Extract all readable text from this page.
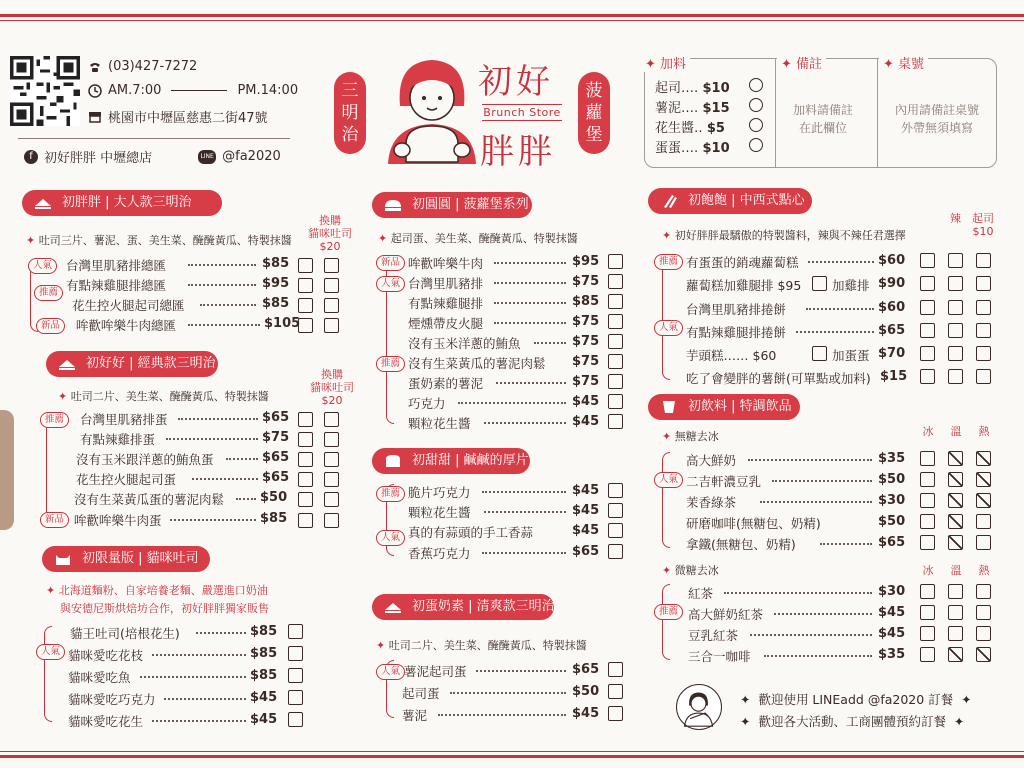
(03)427-7272
AM.7:00	PM.14:00
桃園市中壢區慈惠二街47號
f 初好胖胖 中壢總店	LINE @fa2020
三
明
治
初好
Brunch Store
胖胖
菠
蘿
堡
✦ 加料
起司‥‥ $10
薯泥‥‥ $15
花生醬‥ $5
蛋蛋‥‥ $10
✦ 備註
加料請備註
在此欄位
✦ 桌號
內用請備註桌號
外帶無須填寫
初胖胖 | 大人款三明治
✦ 吐司三片、薯泥、蛋、美生菜、醃醃黃瓜、特製抹醬
換購
貓咪吐司
$20
人氣
推薦
新品
台灣里肌豬排總匯	$85
有點辣雞腿排總匯	$95
花生控火腿起司總匯	$85
哞歡哞樂牛肉總匯	$105
初好好 | 經典款三明治
✦ 吐司二片、美生菜、醃醃黃瓜、特製抹醬
換購
貓咪吐司
$20
推薦
新品
台灣里肌豬排蛋	$65
有點辣雞排蛋	$75
沒有玉米跟洋蔥的鮪魚蛋	$65
花生控火腿起司蛋	$65
沒有生菜黃瓜蛋的薯泥肉鬆	$50
哞歡哞樂牛肉蛋	$85
初限量版 | 貓咪吐司
✦ 北海道麵粉、自家培養老麵、嚴選進口奶油
與安德尼斯烘焙坊合作，初好胖胖獨家販售
人氣
貓王吐司(培根花生)	$85
貓咪愛吃花枝	$85
貓咪愛吃魚	$85
貓咪愛吃巧克力	$45
貓咪愛吃花生	$45
初圓圓 | 菠蘿堡系列
✦ 起司蛋、美生菜、醃醃黃瓜、特製抹醬
新品
人氣
推薦
哞歡哞樂牛肉	$95
台灣里肌豬排	$75
有點辣雞腿排	$85
煙燻帶皮火腿	$75
沒有玉米洋蔥的鮪魚	$75
沒有生菜黃瓜的薯泥肉鬆 $75
蛋奶素的薯泥	$75
巧克力	$45
顆粒花生醬	$45
初甜甜 | 鹹鹹的厚片
推薦
人氣
脆片巧克力	$45
顆粒花生醬	$45
真的有蒜頭的手工香蒜	$45
香蕉巧克力	$65
初蛋奶素 | 清爽款三明治
✦ 吐司二片、美生菜、醃醃黃瓜、特製抹醬
人氣 薯泥起司蛋	$65
起司蛋	$50
薯泥	$45
初飽飽 | 中西式點心
辣 起司
$10
✦ 初好胖胖最驕傲的特製醬料，辣與不辣任君選擇
推薦
人氣
有蛋蛋的銷魂蘿蔔糕	$60
蘿蔔糕加雞腿排 $95 加雞排 $90
台灣里肌豬排捲餅	$60
有點辣雞腿排捲餅	$65
芋頭糕‥‥‥ $60	加蛋蛋 $70
吃了會變胖的薯餅(可單點或加料) $15
初飲料 | 特調飲品
✦ 無糖去冰	冰 溫 熱
人氣
高大鮮奶	$35
二吉軒濃豆乳	$50
茉香綠茶	$30
研磨咖啡(無糖包、奶精)	$50
拿鐵(無糖包、奶精)	$65
✦ 微糖去冰	冰 溫 熱
推薦
紅茶	$30
高大鮮奶紅茶	$45
豆乳紅茶	$45
三合一咖啡	$35
✦ 歡迎使用 LINEadd @fa2020 訂餐 ✦
✦ 歡迎各大活動、工商團體預約訂餐 ✦
